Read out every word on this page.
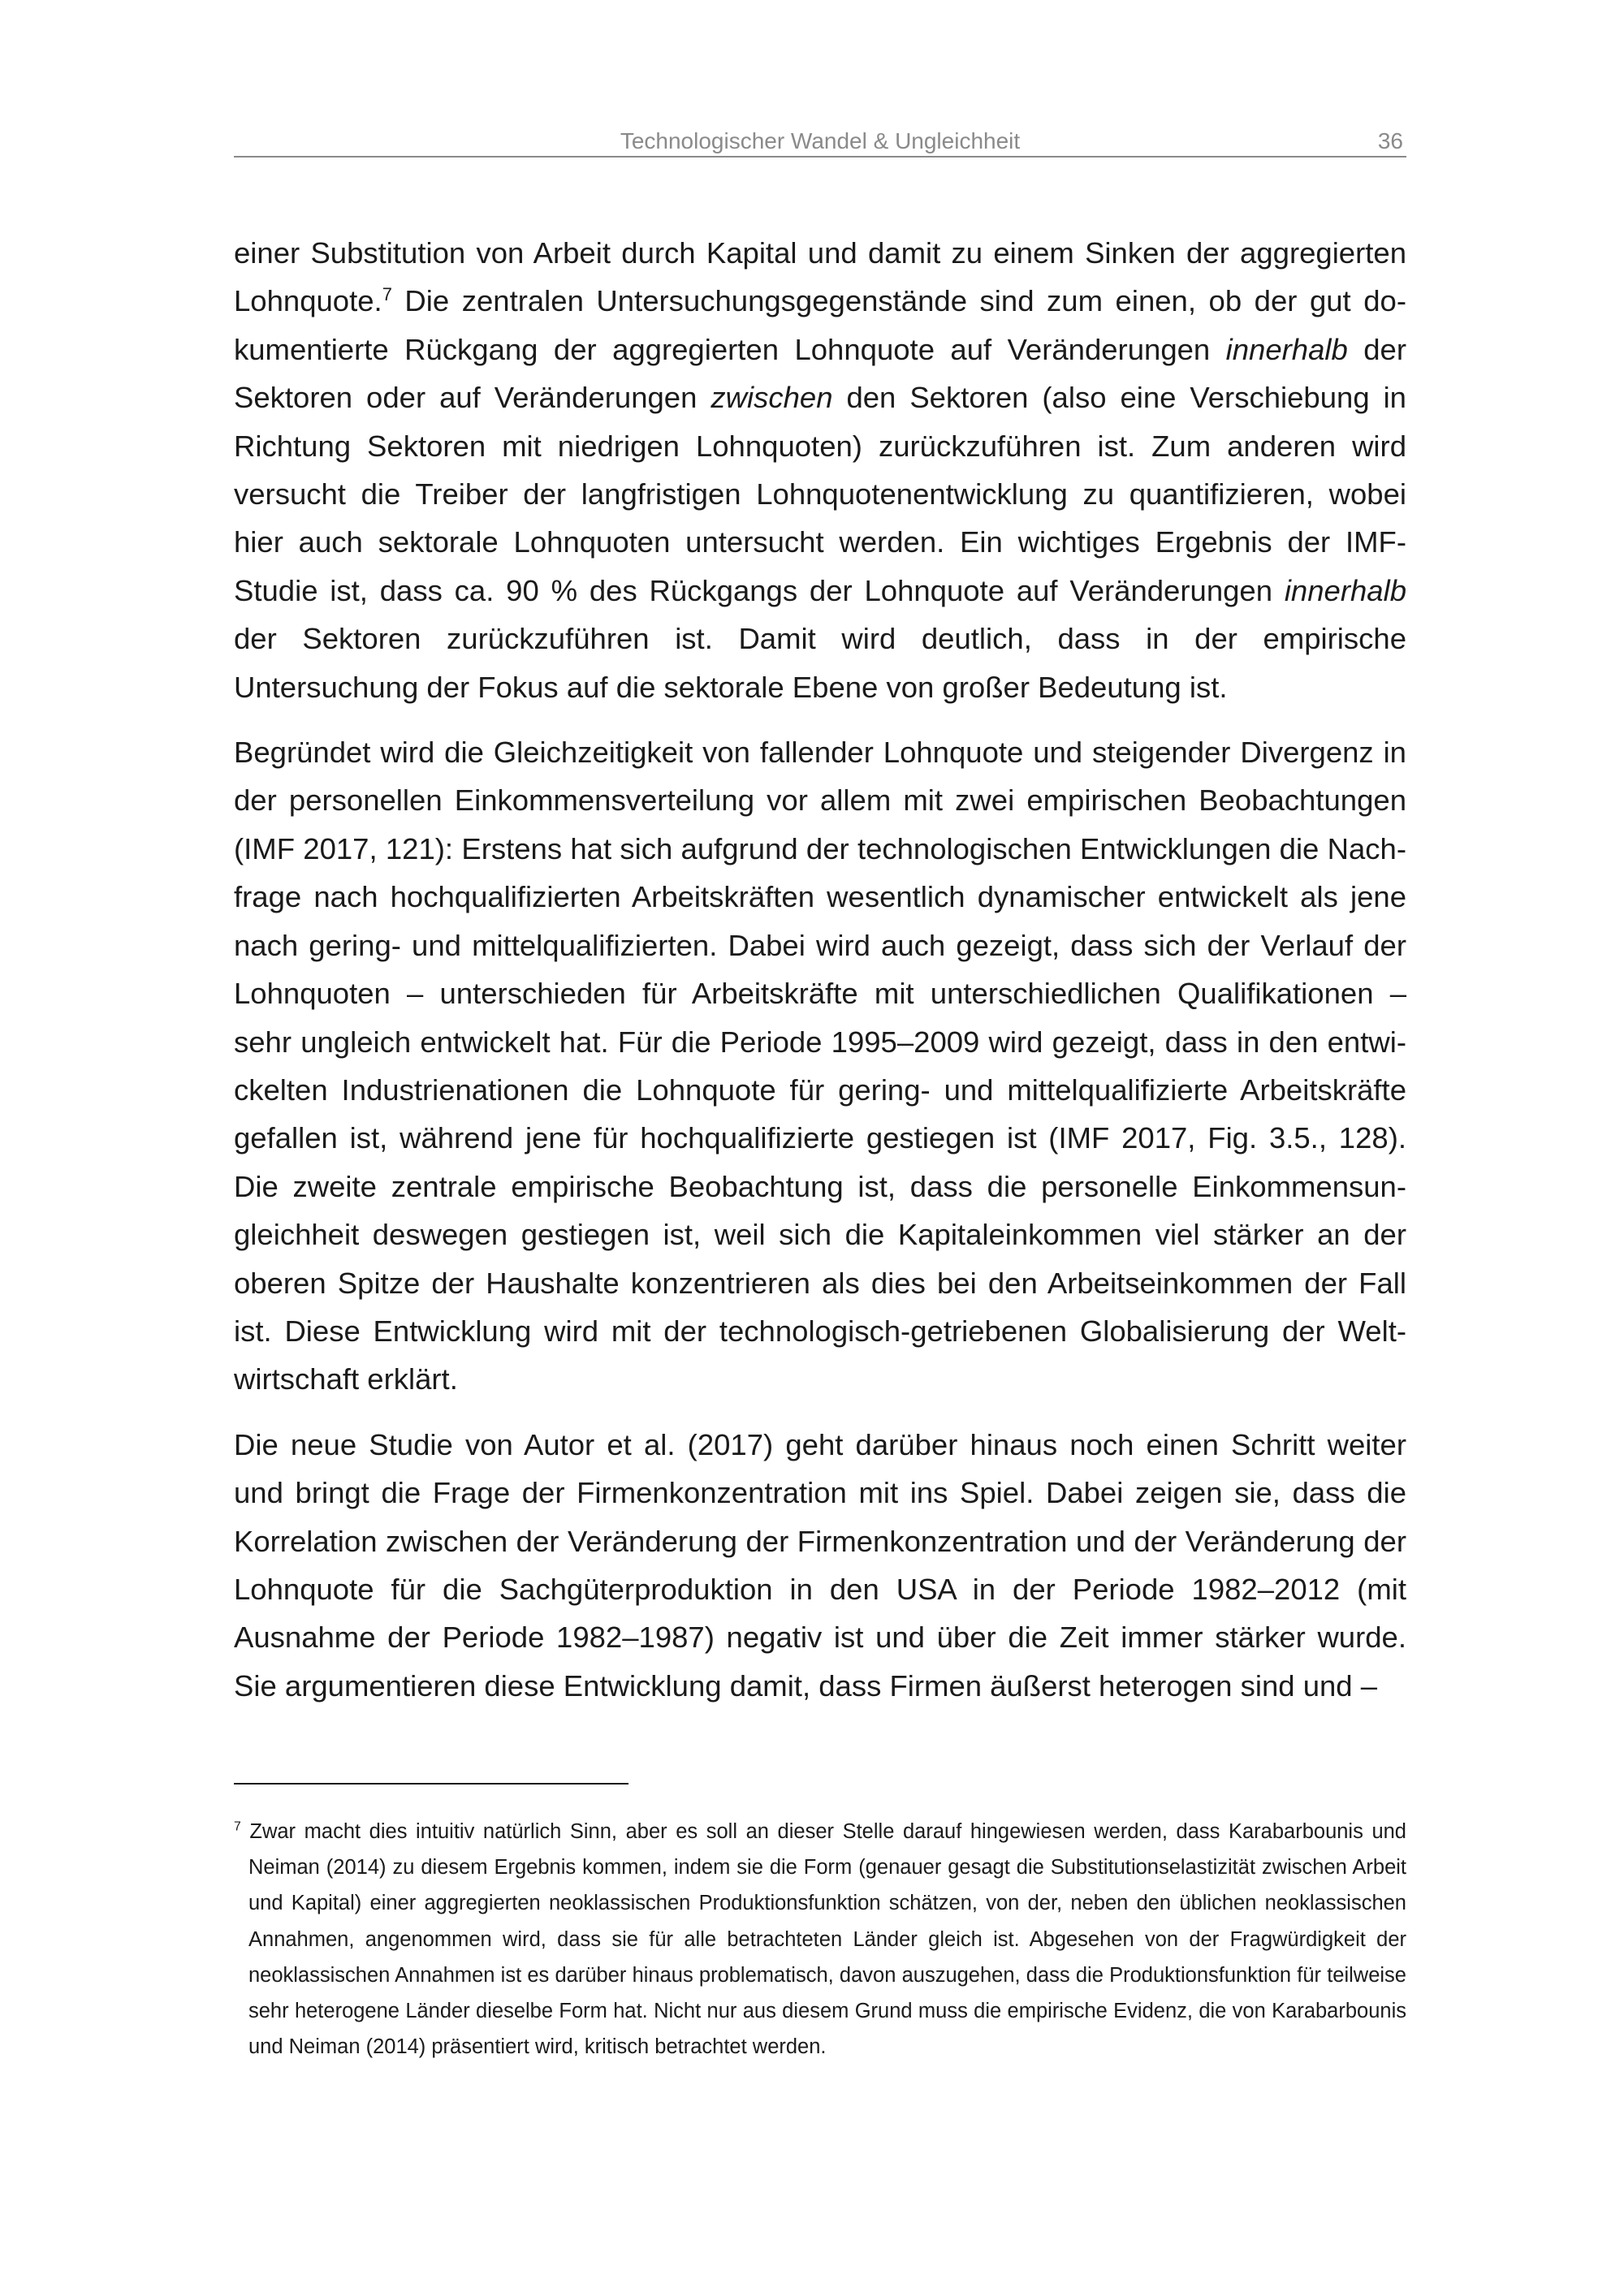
Technologischer Wandel & Ungleichheit	36

einer Substitution von Arbeit durch Kapital und damit zu einem Sinken der aggregierten Lohnquote.$^7$ Die zentralen Untersuchungsgegenstände sind zum einen, ob der gut dokumentierte Rückgang der aggregierten Lohnquote auf Veränderungen innerhalb der Sektoren oder auf Veränderungen zwischen den Sektoren (also eine Verschiebung in Richtung Sektoren mit niedrigen Lohnquoten) zurückzuführen ist. Zum anderen wird versucht die Treiber der langfristigen Lohnquotenentwicklung zu quantifizieren, wobei hier auch sektorale Lohnquoten untersucht werden. Ein wichtiges Ergebnis der IMF-Studie ist, dass ca. 90 % des Rückgangs der Lohnquote auf Veränderungen innerhalb der Sektoren zurückzuführen ist. Damit wird deutlich, dass in der empirische Untersuchung der Fokus auf die sektorale Ebene von großer Bedeutung ist.

Begründet wird die Gleichzeitigkeit von fallender Lohnquote und steigender Divergenz in der personellen Einkommensverteilung vor allem mit zwei empirischen Beobachtungen (IMF 2017, 121): Erstens hat sich aufgrund der technologischen Entwicklungen die Nachfrage nach hochqualifizierten Arbeitskräften wesentlich dynamischer entwickelt als jene nach gering- und mittelqualifizierten. Dabei wird auch gezeigt, dass sich der Verlauf der Lohnquoten – unterschieden für Arbeitskräfte mit unterschiedlichen Qualifikationen – sehr ungleich entwickelt hat. Für die Periode 1995–2009 wird gezeigt, dass in den entwickelten Industrienationen die Lohnquote für gering- und mittelqualifizierte Arbeitskräfte gefallen ist, während jene für hochqualifizierte gestiegen ist (IMF 2017, Fig. 3.5., 128). Die zweite zentrale empirische Beobachtung ist, dass die personelle Einkommensungleichheit deswegen gestiegen ist, weil sich die Kapitaleinkommen viel stärker an der oberen Spitze der Haushalte konzentrieren als dies bei den Arbeitseinkommen der Fall ist. Diese Entwicklung wird mit der technologisch-getriebenen Globalisierung der Weltwirtschaft erklärt.

Die neue Studie von Autor et al. (2017) geht darüber hinaus noch einen Schritt weiter und bringt die Frage der Firmenkonzentration mit ins Spiel. Dabei zeigen sie, dass die Korrelation zwischen der Veränderung der Firmenkonzentration und der Veränderung der Lohnquote für die Sachgüterproduktion in den USA in der Periode 1982–2012 (mit Ausnahme der Periode 1982–1987) negativ ist und über die Zeit immer stärker wurde. Sie argumentieren diese Entwicklung damit, dass Firmen äußerst heterogen sind und –

$^7$ Zwar macht dies intuitiv natürlich Sinn, aber es soll an dieser Stelle darauf hingewiesen werden, dass Karabarbounis und Neiman (2014) zu diesem Ergebnis kommen, indem sie die Form (genauer gesagt die Substitutionselastizität zwischen Arbeit und Kapital) einer aggregierten neoklassischen Produktionsfunktion schätzen, von der, neben den üblichen neoklassischen Annahmen, angenommen wird, dass sie für alle betrachteten Länder gleich ist. Abgesehen von der Fragwürdigkeit der neoklassischen Annahmen ist es darüber hinaus problematisch, davon auszugehen, dass die Produktionsfunktion für teilweise sehr heterogene Länder dieselbe Form hat. Nicht nur aus diesem Grund muss die empirische Evidenz, die von Karabarbounis und Neiman (2014) präsentiert wird, kritisch betrachtet werden.
